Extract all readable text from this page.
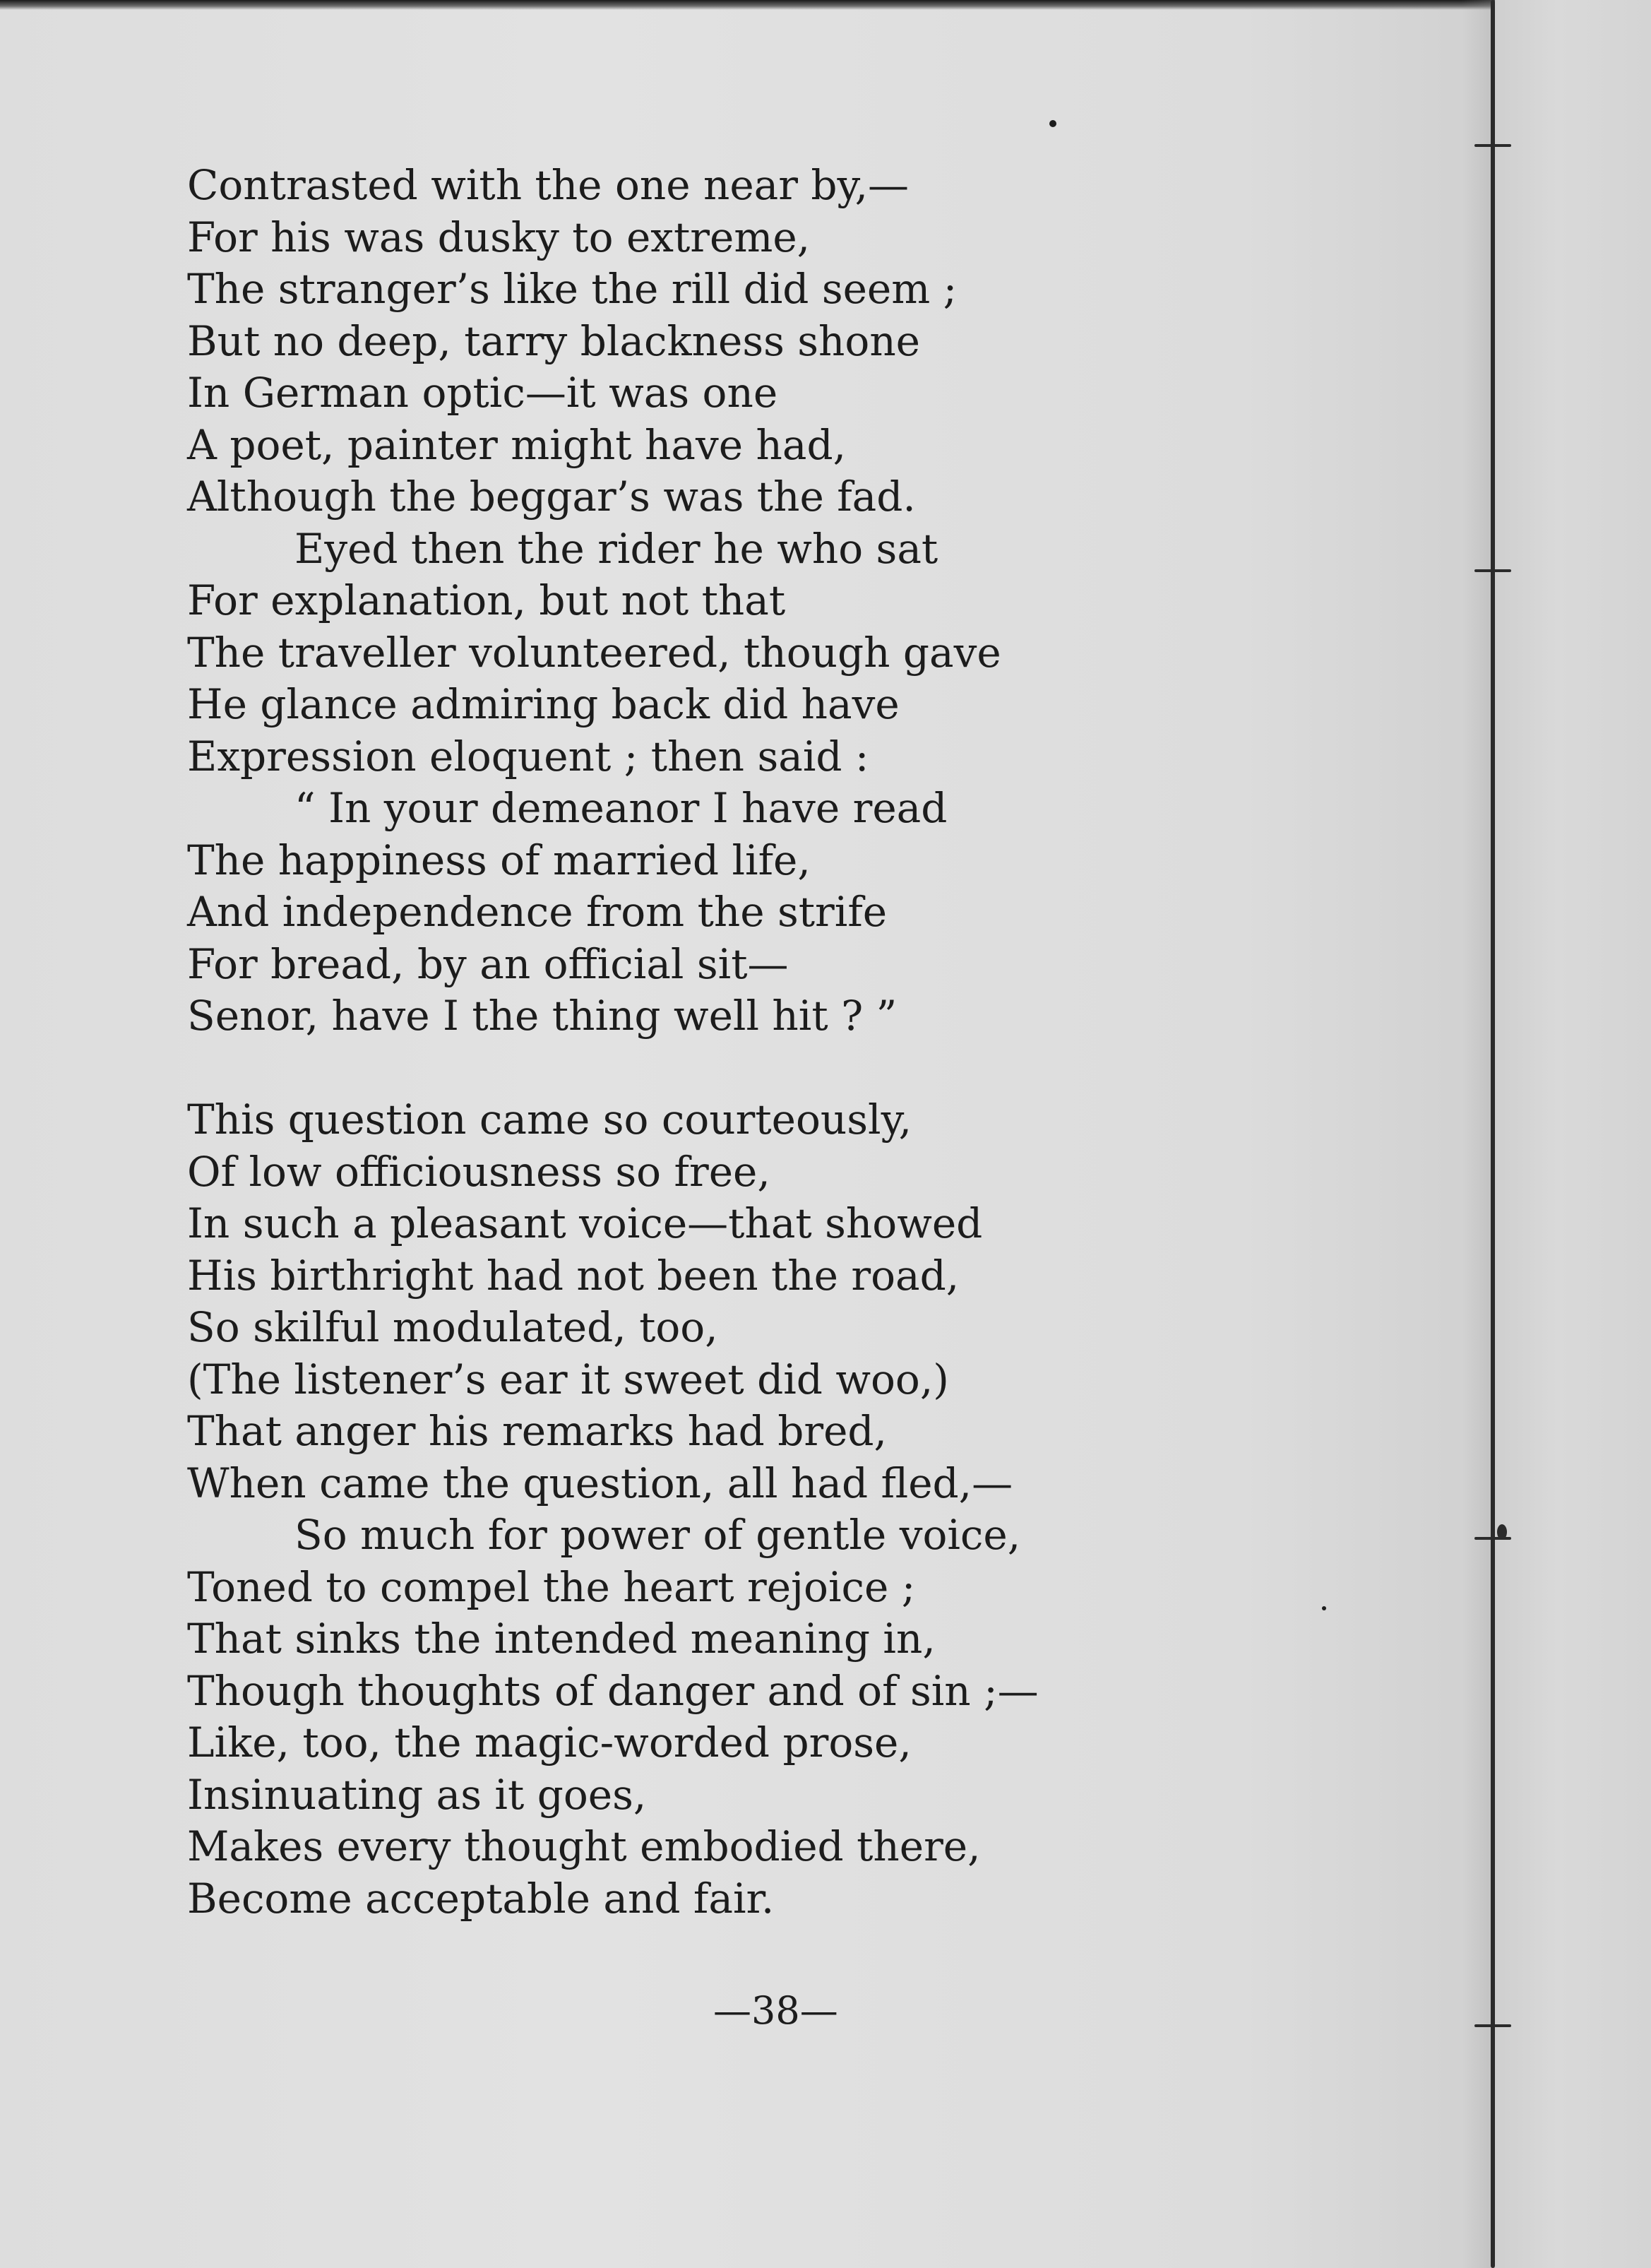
Contrasted with the one near by,—
For his was dusky to extreme,
The stranger’s like the rill did seem ;
But no deep, tarry blackness shone
In German optic—it was one
A poet, painter might have had,
Although the beggar’s was the fad.
Eyed then the rider he who sat
For explanation, but not that
The traveller volunteered, though gave
He glance admiring back did have
Expression eloquent ; then said :
“ In your demeanor I have read
The happiness of married life,
And independence from the strife
For bread, by an official sit—
Senor, have I the thing well hit ? ”
This question came so courteously,
Of low officiousness so free,
In such a pleasant voice—that showed
His birthright had not been the road,
So skilful modulated, too,
(The listener’s ear it sweet did woo,)
That anger his remarks had bred,
When came the question, all had fled,—
So much for power of gentle voice,
Toned to compel the heart rejoice ;
That sinks the intended meaning in,
Though thoughts of danger and of sin ;—
Like, too, the magic-worded prose,
Insinuating as it goes,
Makes every thought embodied there,
Become acceptable and fair.
—38—
